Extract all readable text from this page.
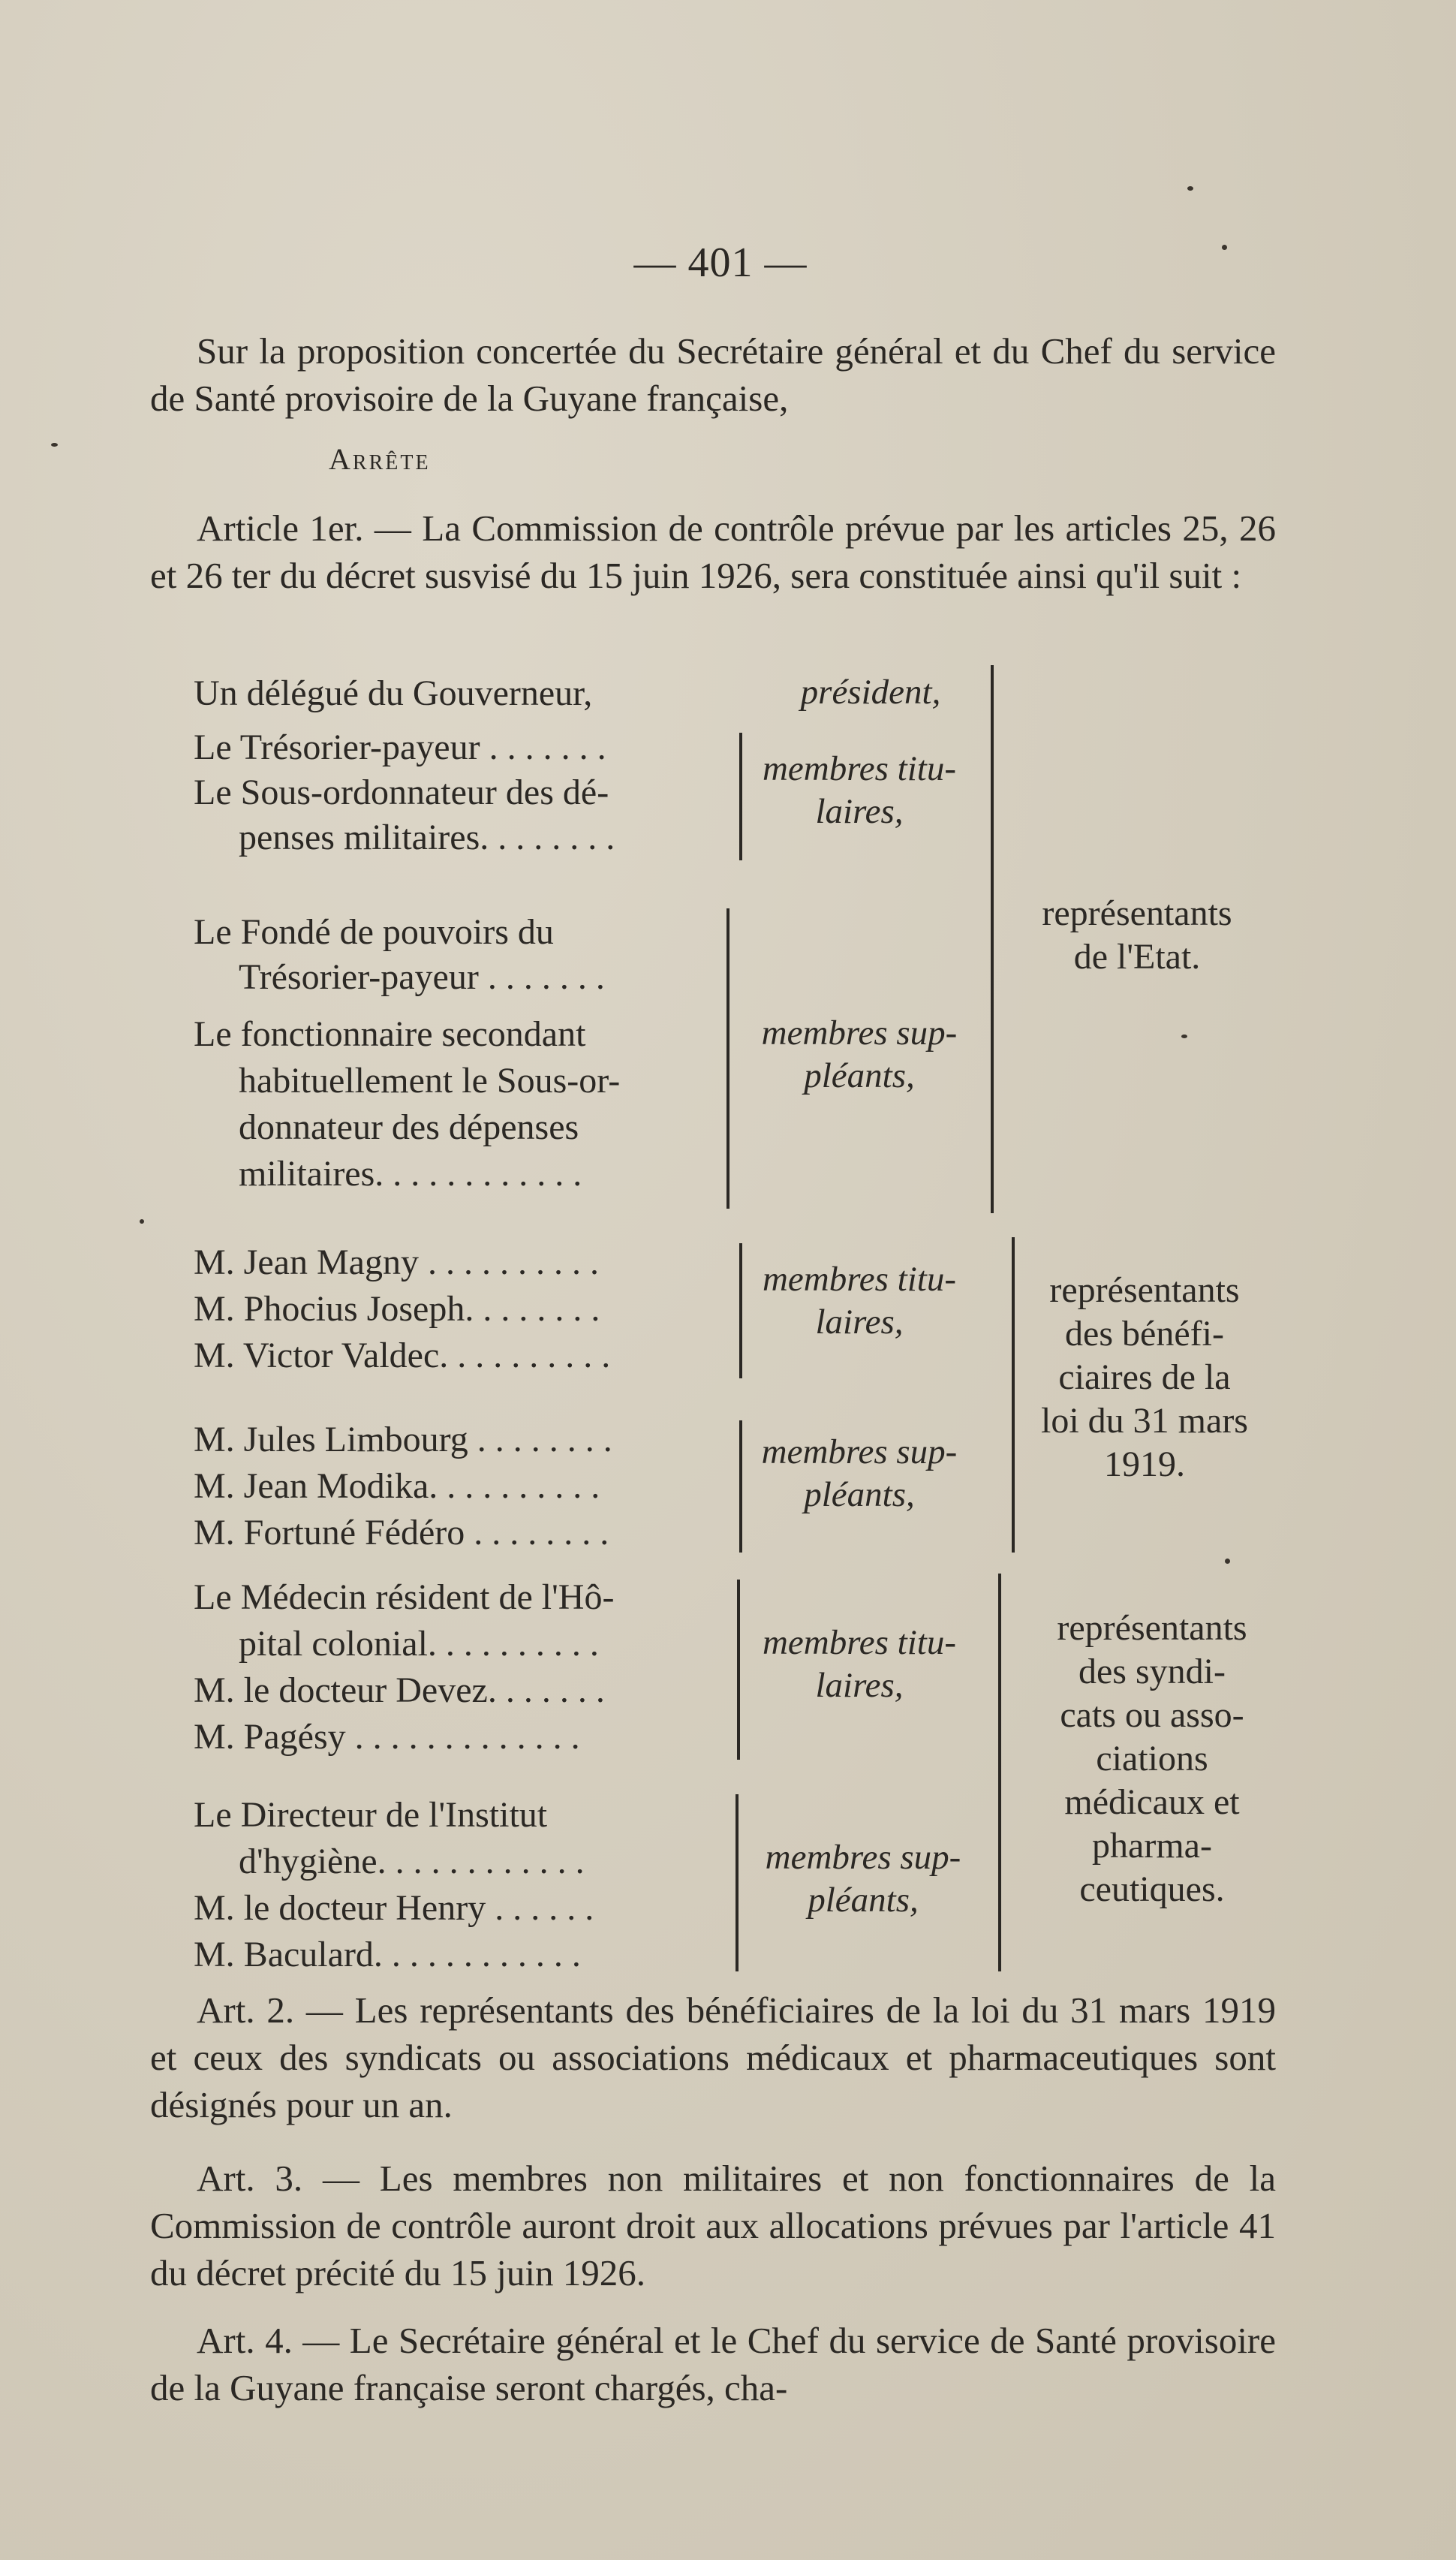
— 401 —

Sur la proposition concertée du Secrétaire général et du Chef du service de Santé provisoire de la Guyane française,

Arrête

Article 1er. — La Commission de contrôle prévue par les articles 25, 26 et 26 ter du décret susvisé du 15 juin 1926, sera constituée ainsi qu'il suit :

Un délégué du Gouverneur,	président,
Le Trésorier-payeur . . . . . . .
Le Sous-ordonnateur des dé-
penses militaires. . . . . . . .
membres titu-
laires,
Le Fondé de pouvoirs du
Trésorier-payeur . . . . . . .
Le fonctionnaire secondant
habituellement le Sous-or-
donnateur des dépenses
militaires. . . . . . . . . . . .
membres sup-
pléants,
représentants
de l'Etat.
M. Jean Magny . . . . . . . . . .
M. Phocius Joseph. . . . . . . .
M. Victor Valdec. . . . . . . . . .
membres titu-
laires,
M. Jules Limbourg . . . . . . . .
M. Jean Modika. . . . . . . . . .
M. Fortuné Fédéro . . . . . . . .
membres sup-
pléants,
représentants
des bénéfi-
ciaires de la
loi du 31 mars
1919.
Le Médecin résident de l'Hô-
pital colonial. . . . . . . . . .
M. le docteur Devez. . . . . . .
M. Pagésy . . . . . . . . . . . . .
membres titu-
laires,
Le Directeur de l'Institut
d'hygiène. . . . . . . . . . . .
M. le docteur Henry . . . . . .
M. Baculard. . . . . . . . . . . .
membres sup-
pléants,
représentants
des syndi-
cats ou asso-
ciations
médicaux et
pharma-
ceutiques.

Art. 2. — Les représentants des bénéficiaires de la loi du 31 mars 1919 et ceux des syndicats ou associations médicaux et pharmaceutiques sont désignés pour un an.

Art. 3. — Les membres non militaires et non fonctionnaires de la Commission de contrôle auront droit aux allocations prévues par l'article 41 du décret précité du 15 juin 1926.

Art. 4. — Le Secrétaire général et le Chef du service de Santé provisoire de la Guyane française seront chargés, cha-
